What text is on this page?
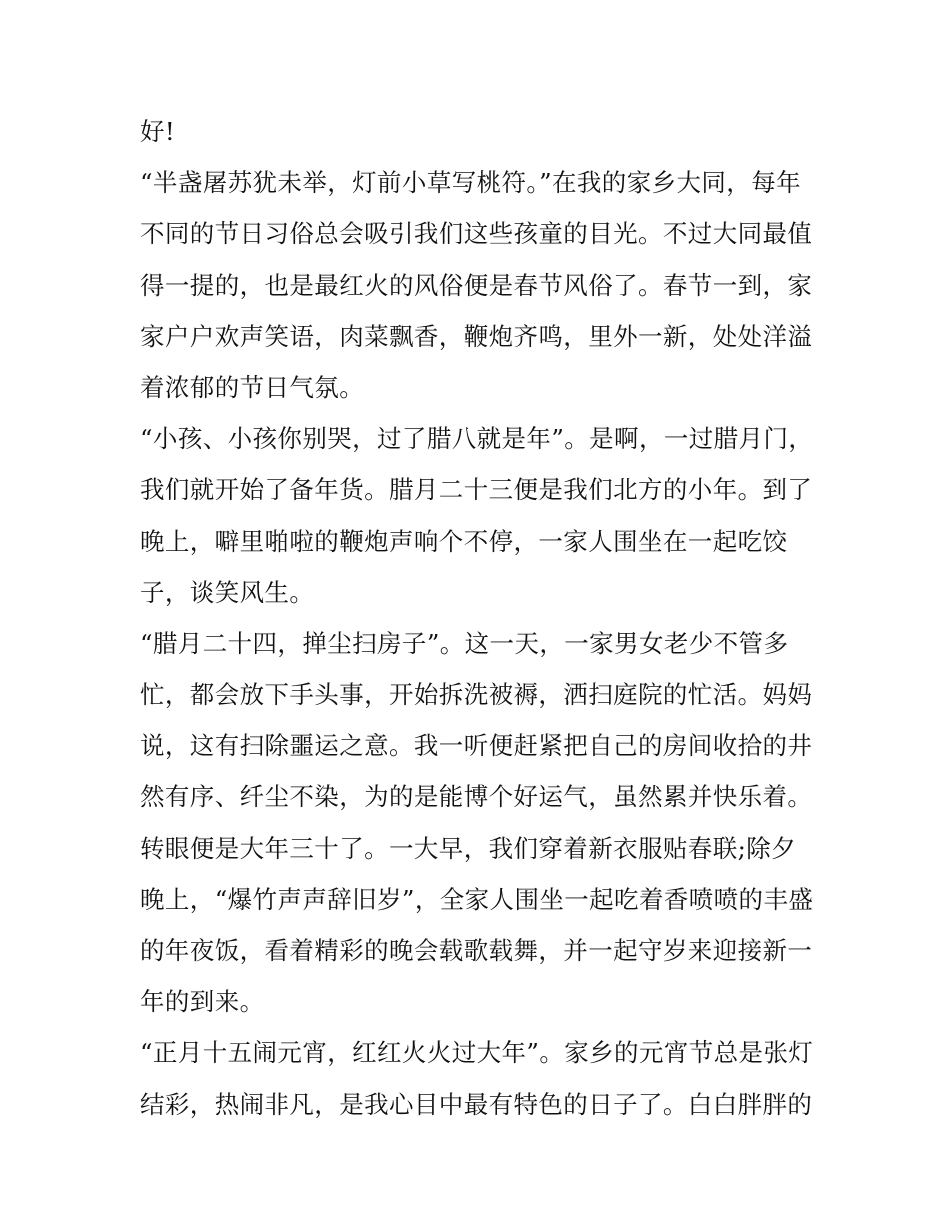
好!
“半盏屠苏犹未举，灯前小草写桃符。”在我的家乡大同，每年
不同的节日习俗总会吸引我们这些孩童的目光。不过大同最值
得一提的，也是最红火的风俗便是春节风俗了。春节一到，家
家户户欢声笑语，肉菜飘香，鞭炮齐鸣，里外一新，处处洋溢
着浓郁的节日气氛。
“小孩、小孩你别哭，过了腊八就是年”。是啊，一过腊月门，
我们就开始了备年货。腊月二十三便是我们北方的小年。到了
晚上，噼里啪啦的鞭炮声响个不停，一家人围坐在一起吃饺
子，谈笑风生。
“腊月二十四，掸尘扫房子”。这一天，一家男女老少不管多
忙，都会放下手头事，开始拆洗被褥，洒扫庭院的忙活。妈妈
说，这有扫除噩运之意。我一听便赶紧把自己的房间收拾的井
然有序、纤尘不染，为的是能博个好运气，虽然累并快乐着。
转眼便是大年三十了。一大早，我们穿着新衣服贴春联;除夕
晚上，“爆竹声声辞旧岁”，全家人围坐一起吃着香喷喷的丰盛
的年夜饭，看着精彩的晚会载歌载舞，并一起守岁来迎接新一
年的到来。
“正月十五闹元宵，红红火火过大年”。家乡的元宵节总是张灯
结彩，热闹非凡，是我心目中最有特色的日子了。白白胖胖的
